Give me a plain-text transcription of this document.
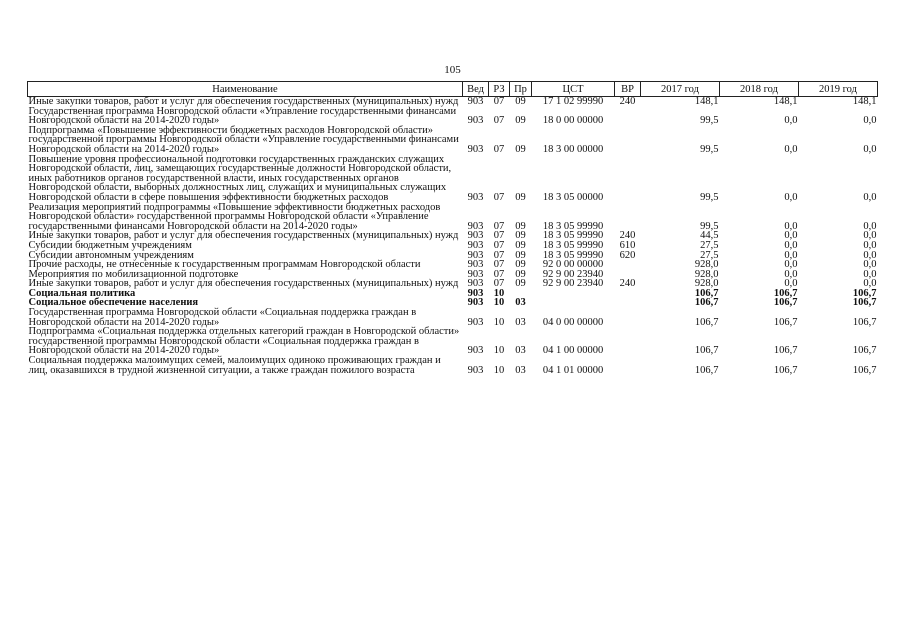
105
Наименование	Вед	РЗ	Пр	ЦСТ	ВР	2017 год	2018 год	2019 год
Иные закупки товаров, работ и услуг для обеспечения государственных (муниципальных) нужд	903	07	09	17 1 02 99990	240	148,1	148,1	148,1
Государственная программа Новгородской области «Управление государственными финансами Новгородской области на 2014-2020 годы»	903	07	09	18 0 00 00000		99,5	0,0	0,0
Подпрограмма «Повышение эффективности бюджетных расходов Новгородской области» государственной программы Новгородской области «Управление государственными финансами Новгородской области на 2014-2020 годы»	903	07	09	18 3 00 00000		99,5	0,0	0,0
Повышение уровня профессиональной подготовки государственных гражданских служащих Новгородской области, лиц, замещающих государственные должности Новгородской области, иных работников органов государственной власти, иных государственных органов Новгородской области, выборных должностных лиц, служащих и муниципальных служащих Новгородской области в сфере повышения эффективности бюджетных расходов	903	07	09	18 3 05 00000		99,5	0,0	0,0
Реализация мероприятий подпрограммы «Повышение эффективности бюджетных расходов Новгородской области» государственной программы Новгородской области «Управление государственными финансами Новгородской области на 2014-2020 годы»	903	07	09	18 3 05 99990		99,5	0,0	0,0
Иные закупки товаров, работ и услуг для обеспечения государственных (муниципальных) нужд	903	07	09	18 3 05 99990	240	44,5	0,0	0,0
Субсидии бюджетным учреждениям	903	07	09	18 3 05 99990	610	27,5	0,0	0,0
Субсидии автономным учреждениям	903	07	09	18 3 05 99990	620	27,5	0,0	0,0
Прочие расходы, не отнесенные к государственным программам Новгородской области	903	07	09	92 0 00 00000		928,0	0,0	0,0
Мероприятия по мобилизационной подготовке	903	07	09	92 9 00 23940		928,0	0,0	0,0
Иные закупки товаров, работ и услуг для обеспечения государственных (муниципальных) нужд	903	07	09	92 9 00 23940	240	928,0	0,0	0,0
Социальная политика	903	10				106,7	106,7	106,7
Социальное обеспечение населения	903	10	03			106,7	106,7	106,7
Государственная программа Новгородской области «Социальная поддержка граждан в Новгородской области на 2014-2020 годы»	903	10	03	04 0 00 00000		106,7	106,7	106,7
Подпрограмма «Социальная поддержка отдельных категорий граждан в Новгородской области» государственной программы Новгородской области «Социальная поддержка граждан в Новгородской области на 2014-2020 годы»	903	10	03	04 1 00 00000		106,7	106,7	106,7
Социальная поддержка малоимущих семей, малоимущих одиноко проживающих граждан и лиц, оказавшихся в трудной жизненной ситуации, а также граждан пожилого возраста	903	10	03	04 1 01 00000		106,7	106,7	106,7
